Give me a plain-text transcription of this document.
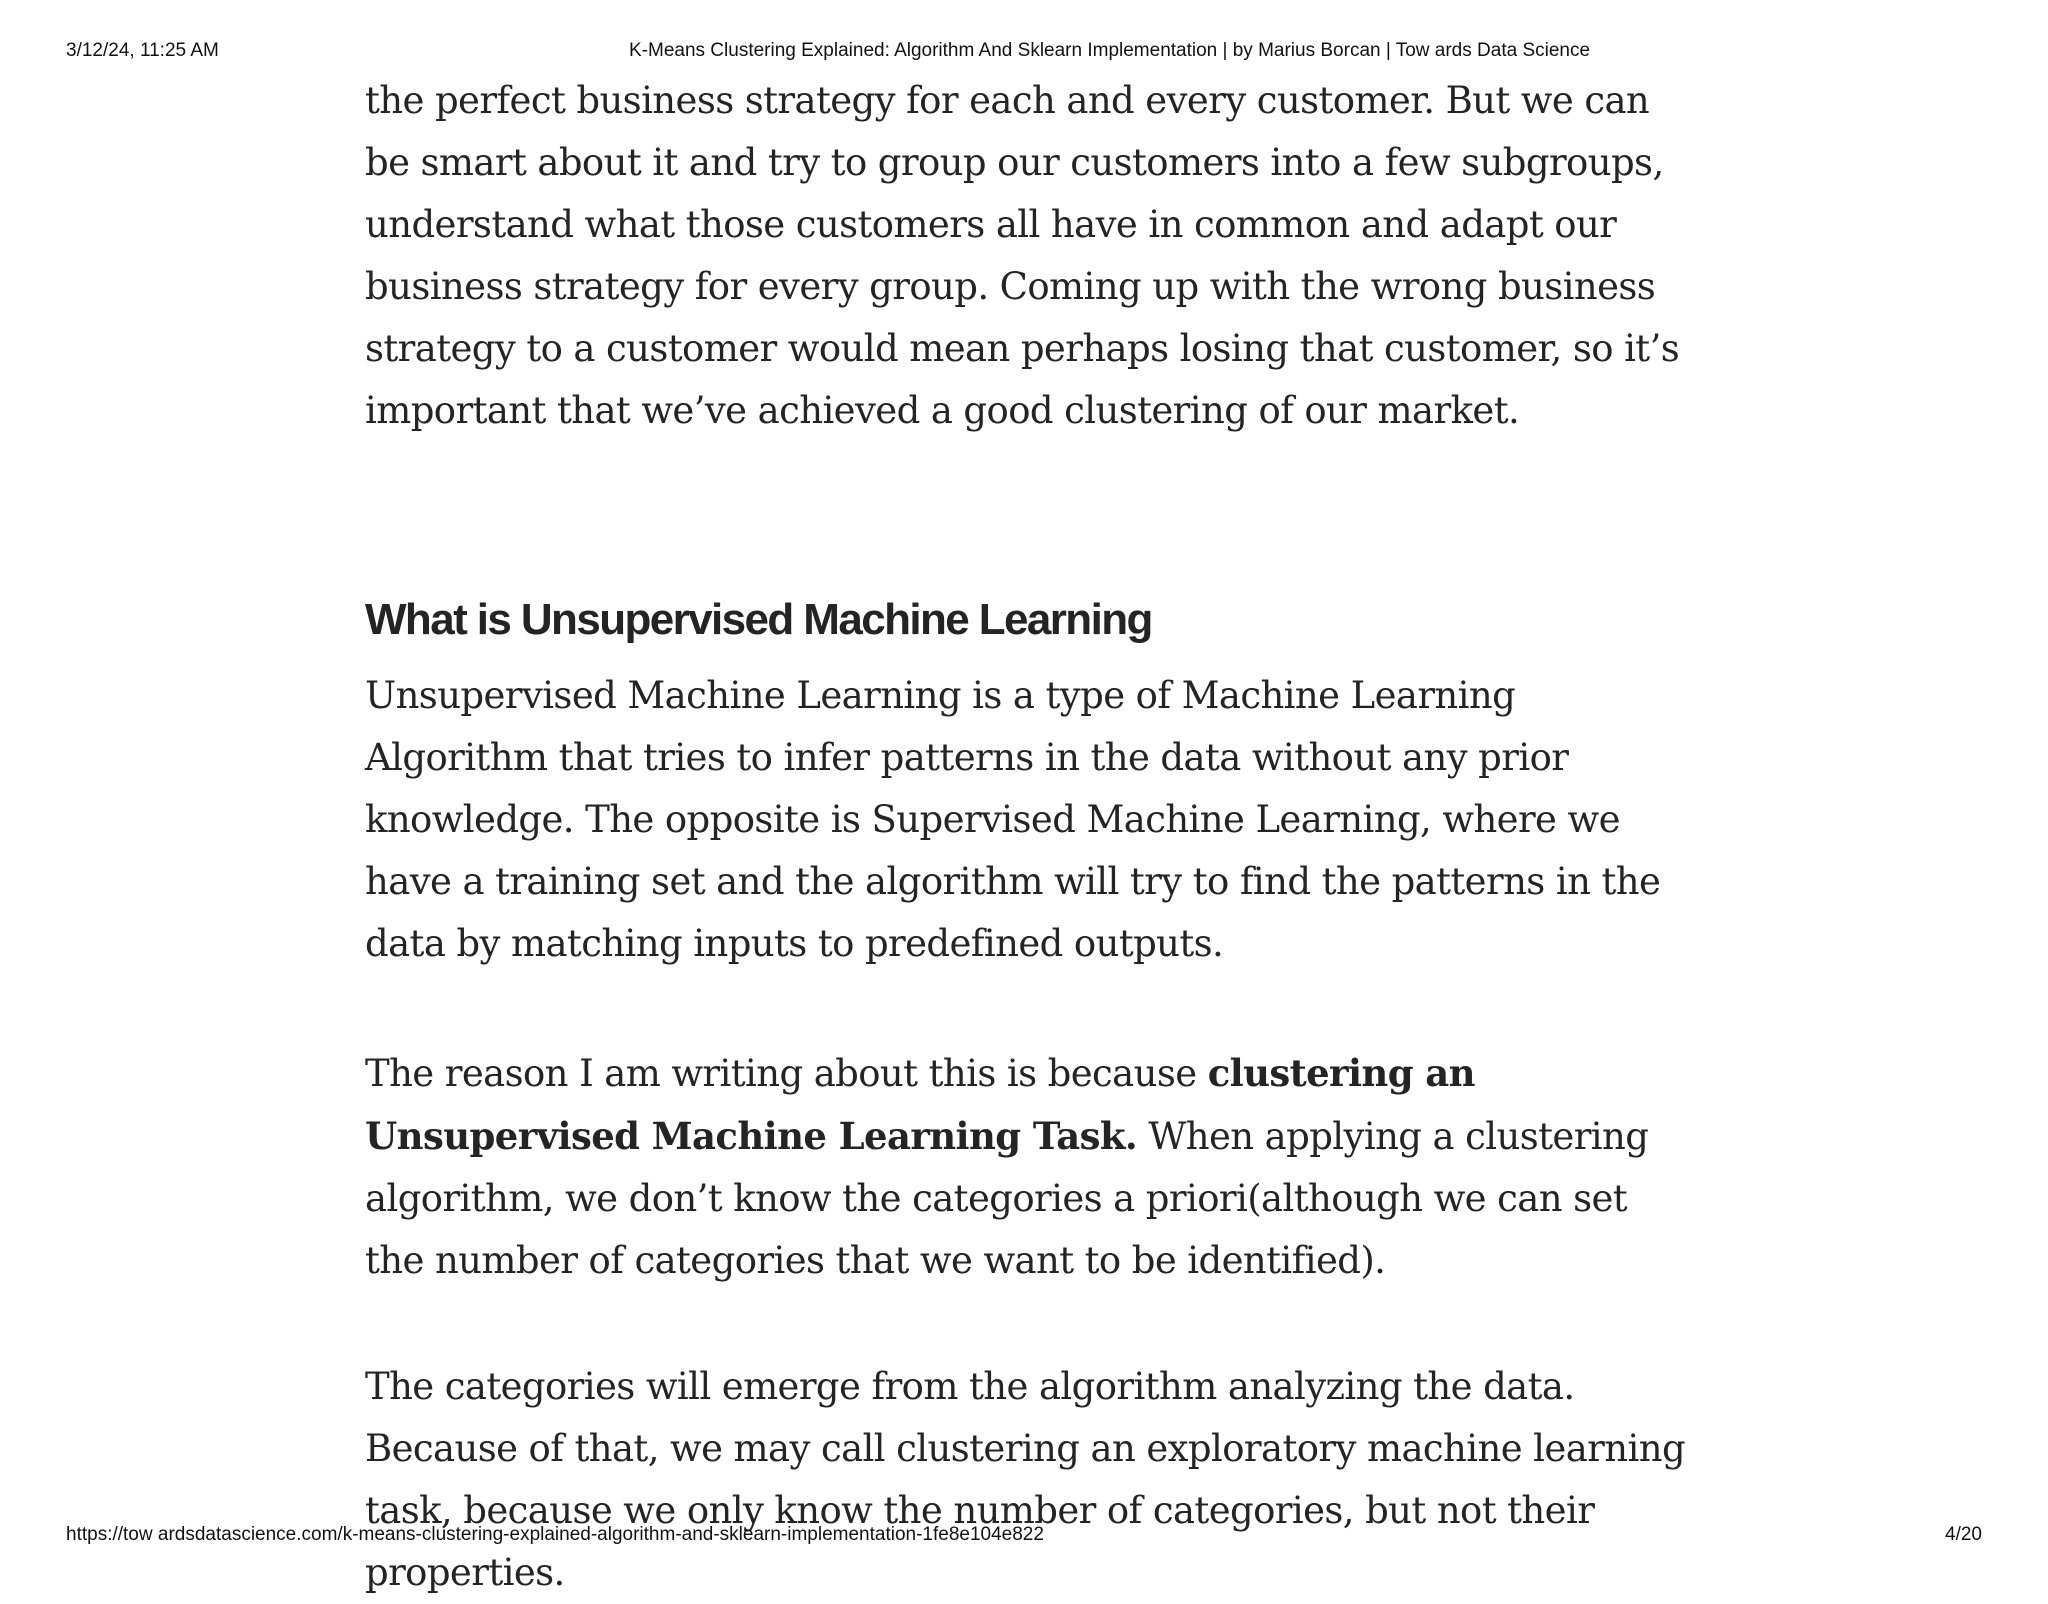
3/12/24, 11:25 AM	K-Means Clustering Explained: Algorithm And Sklearn Implementation | by Marius Borcan | Tow ards Data Science

the perfect business strategy for each and every customer. But we can be smart about it and try to group our customers into a few subgroups, understand what those customers all have in common and adapt our business strategy for every group. Coming up with the wrong business strategy to a customer would mean perhaps losing that customer, so it’s important that we’ve achieved a good clustering of our market.

What is Unsupervised Machine Learning

Unsupervised Machine Learning is a type of Machine Learning Algorithm that tries to infer patterns in the data without any prior knowledge. The opposite is Supervised Machine Learning, where we have a training set and the algorithm will try to find the patterns in the data by matching inputs to predefined outputs.

The reason I am writing about this is because clustering an Unsupervised Machine Learning Task. When applying a clustering algorithm, we don’t know the categories a priori(although we can set the number of categories that we want to be identified).

The categories will emerge from the algorithm analyzing the data. Because of that, we may call clustering an exploratory machine learning task, because we only know the number of categories, but not their properties.

https://tow ardsdatascience.com/k-means-clustering-explained-algorithm-and-sklearn-implementation-1fe8e104e822	4/20
